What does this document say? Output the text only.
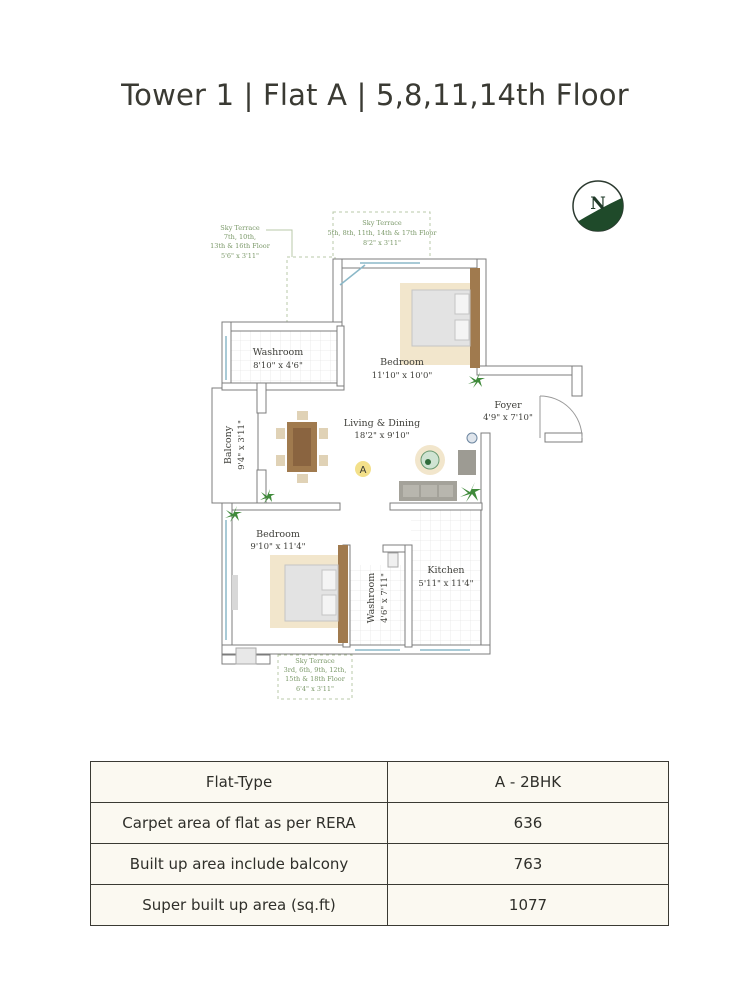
Tower 1 | Flat A | 5,8,11,14th Floor
N
Sky Terrace
7th, 10th,
13th & 16th Floor
5'6" x 3'11"
Sky Terrace
5th, 8th, 11th, 14th & 17th Floor
8'2" x 3'11"
Sky Terrace
3rd, 6th, 9th, 12th,
15th & 18th Floor
6'4" x 3'11"
A
Washroom
8'10" x 4'6"	Bedroom
11'10" x 10'0"
Foyer
4'9" x 7'10"
Living & Dining
18'2" x 9'10"
Balcony 9'4" x 3'11"
Bedroom
9'10" x 11'4"
Washroom 4'6" x 7'11"
Kitchen
5'11" x 11'4"
Flat-Type	A - 2BHK
Carpet area of flat as per RERA	636
Built up area include balcony	763
Super built up area (sq.ft)	1077
